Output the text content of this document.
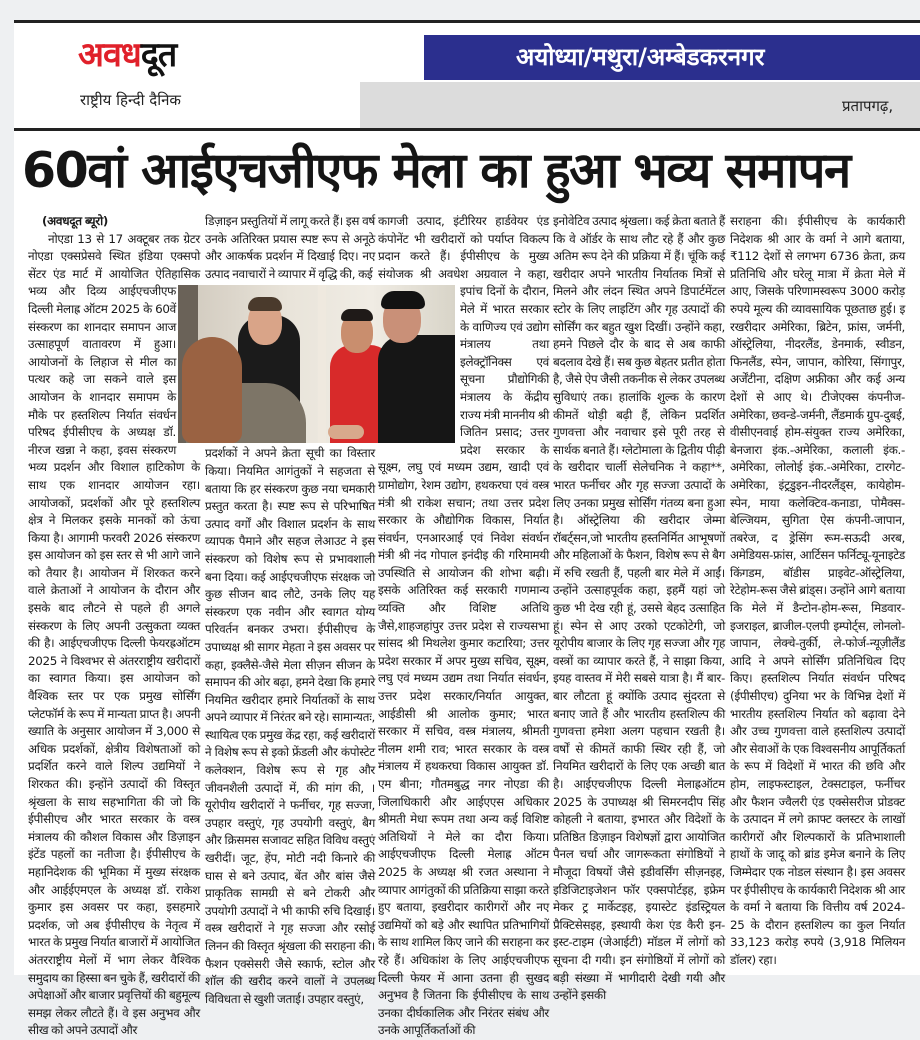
अवधदूत
राष्ट्रीय हिन्दी दैनिक
अयोध्या/मथुरा/अम्बेडकरनगर
प्रतापगढ़,
60वां आईएचजीएफ मेला का हुआ भव्य समापन

(अवधदूत ब्यूरो)

नोएडा 13 से 17 अक्टूबर तक ग्रेटर नोएडा एक्सप्रेसवे स्थित इंडिया एक्सपो सेंटर एंड मार्ट में आयोजित ऐतिहासिक भव्य और दिव्य आईएचजीएफ दिल्ली मेलाह्र ऑटम 2025 के 60वें संस्करण का शानदार समापन आज उत्साहपूर्ण वातावरण में हुआ। आयोजनों के लिहाज से मील का पत्थर कहे जा सकने वाले इस आयोजन के शानदार समापम के मौके पर हस्तशिल्प निर्यात संवर्धन परिषद ईपीसीएच के अध्यक्ष डॉ. नीरज खन्ना ने कहा, इवस संस्करण भव्य प्रदर्शन और विशाल हाटिकोण के साथ एक शानदार आयोजन रहा। आयोजकों, प्रदर्शकों और पूरे हस्तशिल्प क्षेत्र ने मिलकर इसके मानकों को ऊंचा किया है। आगामी फरवरी 2026 संस्करण इस आयोजन को इस स्तर से भी आगे जाने को तैयार है। आयोजन में शिरकत करने वाले क्रेताओं ने आयोजन के दौरान और इसके बाद लौटने से पहले ही अगले संस्करण के लिए अपनी उत्सुकता व्यक्त की है। आईएचजीएफ दिल्ली फेयरह्रऑटम 2025 ने विश्वभर से अंतरराष्ट्रीय खरीदारों का स्वागत किया। इस आयोजन को वैश्विक स्तर पर एक प्रमुख सोर्सिंग प्लेटफॉर्म के रूप में मान्यता प्राप्त है। अपनी ख्याति के अनुसार आयोजन में 3,000 से अधिक प्रदर्शकों, क्षेत्रीय विशेषताओं को प्रदर्शित करने वाले शिल्प उद्यमियों ने शिरकत की। इन्होंने उत्पादों की विस्तृत श्रृंखला के साथ सहभागिता की जो कि ईपीसीएच और भारत सरकार के वस्त्र मंत्रालय की कौशल विकास और डिज़ाइन इंटेंड पहलों का नतीजा है। ईपीसीएच के महानिदेशक की भूमिका में मुख्य संरक्षक और आईईएमएल के अध्यक्ष डॉ. राकेश कुमार इस अवसर पर कहा, इसहमारे प्रदर्शक, जो अब ईपीसीएच के नेतृत्व में भारत के प्रमुख निर्यात बाजारों में आयोजित अंतरराष्ट्रीय मेलों में भाग लेकर वैश्विक समुदाय का हिस्सा बन चुके हैं, खरीदारों की अपेक्षाओं और बाजार प्रवृत्तियों की बहुमूल्य समझ लेकर लौटते हैं। वे इस अनुभव और सीख को अपने उत्पादों और

डिज़ाइन प्रस्तुतियों में लागू करते हैं। इस वर्ष उनके अतिरिक्त प्रयास स्पष्ट रूप से अनूठे और आकर्षक प्रदर्शन में दिखाई दिए। नए उत्पाद नवाचारों ने व्यापार में वृद्धि की, कई

प्रदर्शकों ने अपने क्रेता सूची का विस्तार किया। नियमित आगंतुकों ने सहजता से बताया कि हर संस्करण कुछ नया चमकारी प्रस्तुत करता है। स्पष्ट रूप से परिभाषित उत्पाद वर्गों और विशाल प्रदर्शन के साथ व्यापक पैमाने और सहज लेआउट ने इस संस्करण को विशेष रूप से प्रभावशाली बना दिया। कई आईएचजीएफ संरक्षक जो कुछ सीजन बाद लौटे, उनके लिए यह संस्करण एक नवीन और स्वागत योग्य परिवर्तन बनकर उभरा। ईपीसीएच के उपाध्यक्ष श्री सागर मेहता ने इस अवसर पर कहा, इक्लैसे-जैसे मेला सीज़न सीजन के समापन की ओर बढ़ा, हमने देखा कि हमारे नियमित खरीदार हमारे निर्यातकों के साथ अपने व्यापार में निरंतर बने रहे। सामान्यतः, स्थायित्व एक प्रमुख केंद्र रहा, कई खरीदारों ने विशेष रूप से इको फ्रेंडली और कंपोस्टेट कलेक्शन, विशेष रूप से गृह और जीवनशैली उत्पादों में, की मांग की, । यूरोपीय खरीदारों ने फर्नीचर, गृह सज्जा, उपहार वस्तुएं, गृह उपयोगी वस्तुएं, बैग और क्रिसमस सजावट सहित विविध वस्तुएं खरीदीं। जूट, हेंप, मोटी नदी किनारे की घास से बने उत्पाद, बेंत और बांस जैसे प्राकृतिक सामग्री से बने टोकरी और उपयोगी उत्पादों ने भी काफी रुचि दिखाई। वस्त्र खरीदारों ने गृह सज्जा और रसोई लिनन की विस्तृत श्रृंखला की सराहना की। फैशन एक्सेसरी जैसे स्कार्फ, स्टोल और शॉल की खरीद करने वालों ने उपलब्ध विविधता से खुशी जताई। उपहार वस्तुएं,

कागजी उत्पाद, इंटीरियर हार्डवेयर एंड कंपोनेंट भी खरीदारों को पर्याप्त विकल्प प्रदान करते हैं। ईपीसीएच के मुख्य संयोजक श्री अवधेश अग्रवाल ने कहा, इपांच दिनों के दौरान, मेले में भारत सरकार के वाणिज्य एवं उद्योग मंत्रालय तथा इलेक्ट्रॉनिक्स एवं सूचना प्रौद्योगिकी मंत्रालय के केंद्रीय राज्य मंत्री माननीय श्री जितिन प्रसाद; उत्तर प्रदेश सरकार के सूक्ष्म, लघु एवं मध्यम उद्यम, खादी एवं ग्रामोद्योग, रेशम उद्योग, हथकरघा एवं वस्त्र मंत्री श्री राकेश सचान; तथा उत्तर प्रदेश सरकार के औद्योगिक विकास, निर्यात संवर्धन, एनआरआई एवं निवेश संवर्धन मंत्री श्री नंद गोपाल इनंदीइ की गरिमामयी उपस्थिति से आयोजन की शोभा बढ़ी। इसके अतिरिक्त कई सरकारी गणमान्य व्यक्ति और विशिष्ट अतिथि जैसे,शाहजहांपुर उत्तर प्रदेश से राज्यसभा सांसद श्री मिथलेश कुमार कटारिया; उत्तर प्रदेश सरकार में अपर मुख्य सचिव, सूक्ष्म, लघु एवं मध्यम उद्यम तथा निर्यात संवर्धन, उत्तर प्रदेश सरकार/निर्यात आयुक्त, आईडीसी श्री आलोक कुमार; भारत सरकार में सचिव, वस्त्र मंत्रालय, श्रीमती नीलम शमी राव; भारत सरकार के वस्त्र मंत्रालय में हथकरघा विकास आयुक्त डॉ. एम बीना; गौतमबुद्ध नगर नोएडा की जिलाधिकारी और आईएएस अधिकार श्रीमती मेधा रूपम तथा अन्य कई विशिष्ट अतिथियों ने मेले का दौरा किया। आईएचजीएफ दिल्ली मेलाह्र ऑटम 2025 के अध्यक्ष श्री रजत अस्थाना ने व्यापार आगंतुकों की प्रतिक्रिया साझा करते हुए बताया, इखरीदार कारीगरों और नए उद्यमियों को बड़े और स्थापित प्रतिभागियों के साथ शामिल किए जाने की सराहना कर रहे हैं। अधिकांश के लिए आईएचजीएफ दिल्ली फेयर में आना उतना ही सुखद अनुभव है जितना कि ईपीसीएच के साथ उनका दीर्घकालिक और निरंतर संबंध और उनके आपूर्तिकर्ताओं की

इनोवेटिव उत्पाद श्रृंखला। कई क्रेता बताते हैं कि वे ऑर्डर के साथ लौट रहे हैं और कुछ अतिम रूप देने की प्रक्रिया में हैं। चूंकि कई खरीदार अपने भारतीय निर्यातक मित्रों से मिलने और लंदन स्थित अपने डिपार्टमेंटल स्टोर के लिए लाइटिंग और गृह उत्पादों की सोर्सिंग कर बहुत खुश दिखीं। उन्होंने कहा, हमने पिछले दौर के बाद से अब काफी बदलाव देखे हैं। सब कुछ बेहतर प्रतीत होता है, जैसे ऐप जैसी तकनीक से लेकर उपलब्ध सुविधाएं तक। हालांकि शुल्क के कारण कीमतें थोड़ी बढ़ी हैं, लेकिन प्रदर्शित गुणवत्ता और नवाचार इसे पूरी तरह से सार्थक बनाते हैं। ग्लेटोमाला के द्वितीय पीढ़ी के खरीदार चार्ली सेलेचनिक ने कहा**, भारत फर्नीचर और गृह सज्जा उत्पादों के लिए उनका प्रमुख सोर्सिंग गंतव्य बना हुआ है। ऑस्ट्रेलिया की खरीदार जेम्मा रॉबर्ट्सन,जो भारतीय हस्तनिर्मित आभूषणों और महिलाओं के फैशन, विशेष रूप से बैग में रुचि रखती हैं, पहली बार मेले में आईं। उन्होंने उत्साहपूर्वक कहा, इहमैं यहां जो कुछ भी देख रही हूं, उससे बेहद उत्साहित हूं। स्पेन से आए उरको एटकोटेगी, जो यूरोपीय बाजार के लिए गृह सज्जा और गृह वस्त्रों का व्यापार करते हैं, ने साझा किया, इयह वास्तव में मेरी सबसे यात्रा है। मैं बार-बार लौटता हूं क्योंकि उत्पाद सुंदरता से बनाए जाते हैं और भारतीय हस्तशिल्प की गुणवत्ता हमेशा अलग पहचान रखती है। वर्षों से कीमतें काफी स्थिर रही हैं, जो नियमित खरीदारों के लिए एक अच्छी बात है। आईएचजीएफ दिल्ली मेलाह्रऑटम 2025 के उपाध्यक्ष श्री सिमरनदीप सिंह कोहली ने बताया, इभारत और विदेशों के प्रतिष्ठित डिज़ाइन विशेषज्ञों द्वारा आयोजित पैनल चर्चा और जागरूकता संगोष्ठियों ने मौजूदा विषयों जैसे इडीवर्सिंग सीज़नइह, इडिजिटाइजेशन फॉर एक्सपोर्टइह, इफ्रेम मेकर ट्र मार्केटइह, इयास्टेट इंडस्ट्रियल प्रैक्टिसेसइह, इस्थायी केश एंड कैरी इन-इस्ट-टाइम (जेआईटी) मॉडल में लोगों को सूचना दी गयी। इन संगोष्ठियों में लोगों को बड़ी संख्या में भागीदारी देखी गयी और उन्होंने इसकी

सराहना की। ईपीसीएच के कार्यकारी निदेशक श्री आर के वर्मा ने आगे बताया, ₹112 देशों से लगभग 6736 क्रेता, क्रय प्रतिनिधि और घरेलू मात्रा में क्रेता मेले में आए, जिसके परिणामस्वरूप 3000 करोड़ रुपये मूल्य की व्यावसायिक पूछताछ हुई। इ रखरीदार अमेरिका, ब्रिटेन, फ्रांस, जर्मनी, ऑस्ट्रेलिया, नीदरलैंड, डेनमार्क, स्वीडन, फिनलैंड, स्पेन, जापान, कोरिया, सिंगापुर, अर्जेंटीना, दक्षिण अफ्रीका और कई अन्य देशों से आए थे। टीजेएक्स कंपनीज-अमेरिका, छवन्डे-जर्मनी, लैंडमार्क ग्रुप-दुबई, वीसीएनवाई होम-संयुक्त राज्य अमेरिका, बेनजारा इंक.-अमेरिका, कलाली इंक.-अमेरिका, लोलोई इंक.-अमेरिका, टारगेट-अमेरिका, इंट्रडुइन-नीदरलैंड्स, कायेहोम-स्पेन, माया कलेक्टिव-कनाडा, पोमैक्स-बेल्जियम, सुगिता ऐस कंपनी-जापान, तबरेज, द ड्रेसिंग रूम-सऊदी अरब, अमेडियस-फ्रांस, आर्टिसन फर्निट्यू-यूनाइटेड किंगडम, बॉडीस प्राइवेट-ऑस्ट्रेलिया, रेटेहोम-रूस जैसे ब्रांड्स। उन्होंने आगे बताया कि मेले में डैन्टोन-होम-रूस, मिडवार-इजराइल, ब्राजील-एलपी इम्पोर्ट्स, लोनलो-जापान, लेक्चे-तुर्की, ले-फोर्ज-न्यूज़ीलैंड आदि ने अपने सोर्सिंग प्रतिनिधित्व दिए किए। हस्तशिल्प निर्यात संवर्धन परिषद (ईपीसीएच) दुनिया भर के विभिन्न देशों में भारतीय हस्तशिल्प निर्यात को बढ़ावा देने और उच्च गुणवत्ता वाले हस्तशिल्प उत्पादों और सेवाओं के एक विश्वसनीय आपूर्तिकर्ता के रूप में विदेशों में भारत की छवि और होम, लाइफस्टाइल, टेक्सटाइल, फर्नीचर और फैशन ज्वैलरी एंड एक्सेसरीज प्रोडक्ट के उत्पादन में लगे क्राफ्ट क्लस्टर के लाखों कारीगरों और शिल्पकारों के प्रतिभाशाली हाथों के जादू को ब्रांड इमेज बनाने के लिए जिम्मेदार एक नोडल संस्थान है। इस अवसर पर ईपीसीएच के कार्यकारी निदेशक श्री आर के वर्मा ने बताया कि वित्तीय वर्ष 2024-25 के दौरान हस्तशिल्प का कुल निर्यात 33,123 करोड़ रुपये (3,918 मिलियन डॉलर) रहा।
